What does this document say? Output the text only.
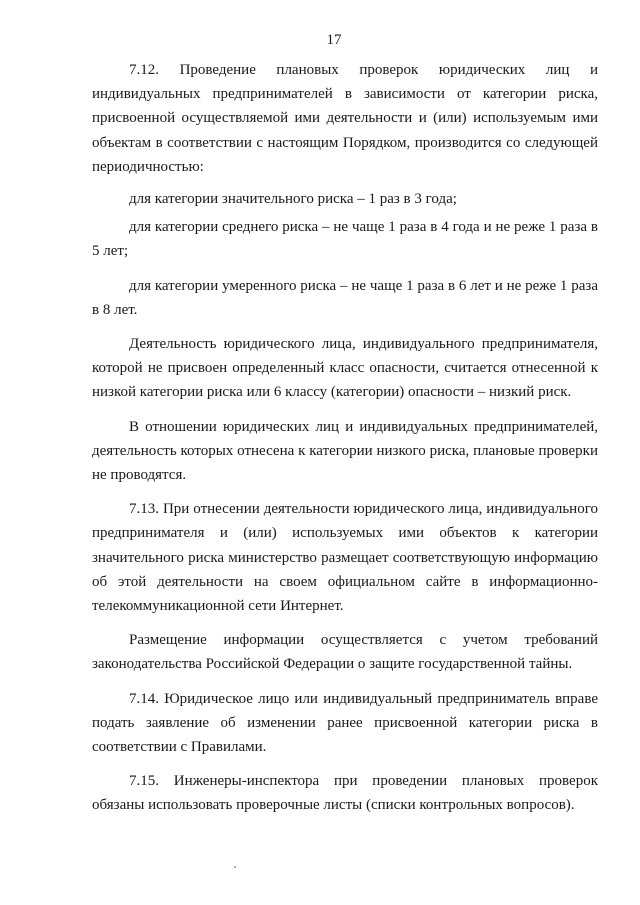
17

7.12. Проведение плановых проверок юридических лиц и индивидуальных предпринимателей в зависимости от категории риска, присвоенной осуществляемой ими деятельности и (или) используемым ими объектам в соответствии с настоящим Порядком, производится со следующей периодичностью:

для категории значительного риска – 1 раз в 3 года;

для категории среднего риска – не чаще 1 раза в 4 года и не реже 1 раза в 5 лет;

для категории умеренного риска – не чаще 1 раза в 6 лет и не реже 1 раза в 8 лет.

Деятельность юридического лица, индивидуального предпринимателя, которой не присвоен определенный класс опасности, считается отнесенной к низкой категории риска или 6 классу (категории) опасности – низкий риск.

В отношении юридических лиц и индивидуальных предпринимателей, деятельность которых отнесена к категории низкого риска, плановые проверки не проводятся.

7.13. При отнесении деятельности юридического лица, индивидуального предпринимателя и (или) используемых ими объектов к категории значительного риска министерство размещает соответствующую информацию об этой деятельности на своем официальном сайте в информационно-телекоммуникационной сети Интернет.

Размещение информации осуществляется с учетом требований законодательства Российской Федерации о защите государственной тайны.

7.14. Юридическое лицо или индивидуальный предприниматель вправе подать заявление об изменении ранее присвоенной категории риска в соответствии с Правилами.

7.15. Инженеры-инспектора при проведении плановых проверок обязаны использовать проверочные листы (списки контрольных вопросов).
